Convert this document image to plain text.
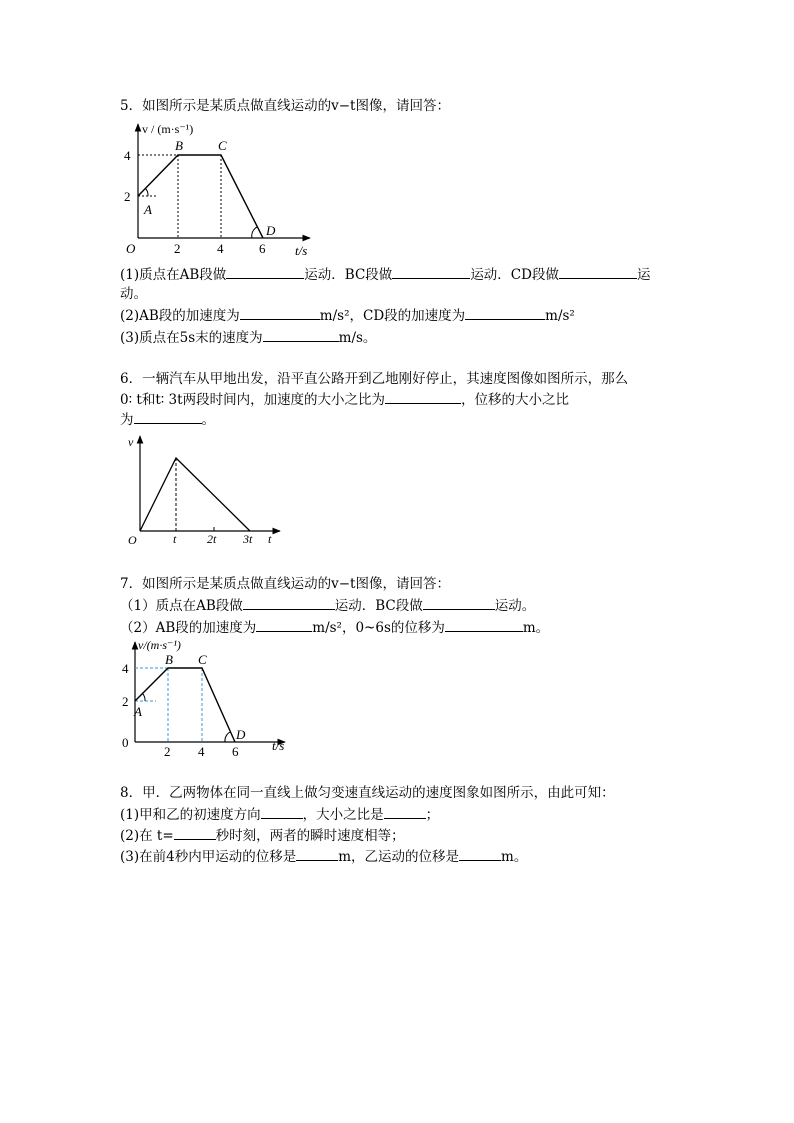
5．如图所示是某质点做直线运动的v−t图像，请回答：
v / (m·s⁻¹)
4
2
O	2	4	6 t/s
A
B	C
D
(1)质点在AB段做	运动．BC段做	运动．CD段做	运
动。
(2)AB段的加速度为	m/s²，CD段的加速度为	m/s²
(3)质点在5s末的速度为	m/s。
6．一辆汽车从甲地出发，沿平直公路开到乙地刚好停止，其速度图像如图所示，那么
0∶ t和t∶ 3t两段时间内，加速度的大小之比为	，位移的大小之比
为	。
v
O	t	2t 3t t
7．如图所示是某质点做直线运动的v−t图像，请回答：
（1）质点在AB段做	运动．BC段做	运动。
（2）AB段的加速度为	m/s²，0~6s的位移为	m。
v/(m·s⁻¹)
4
2
0
2 4 6	t/s
A
B C
D
8．甲．乙两物体在同一直线上做匀变速直线运动的速度图象如图所示，由此可知：
(1)甲和乙的初速度方向	，大小之比是	；
(2)在 t=	秒时刻，两者的瞬时速度相等；
(3)在前4秒内甲运动的位移是	m，乙运动的位移是	m。
